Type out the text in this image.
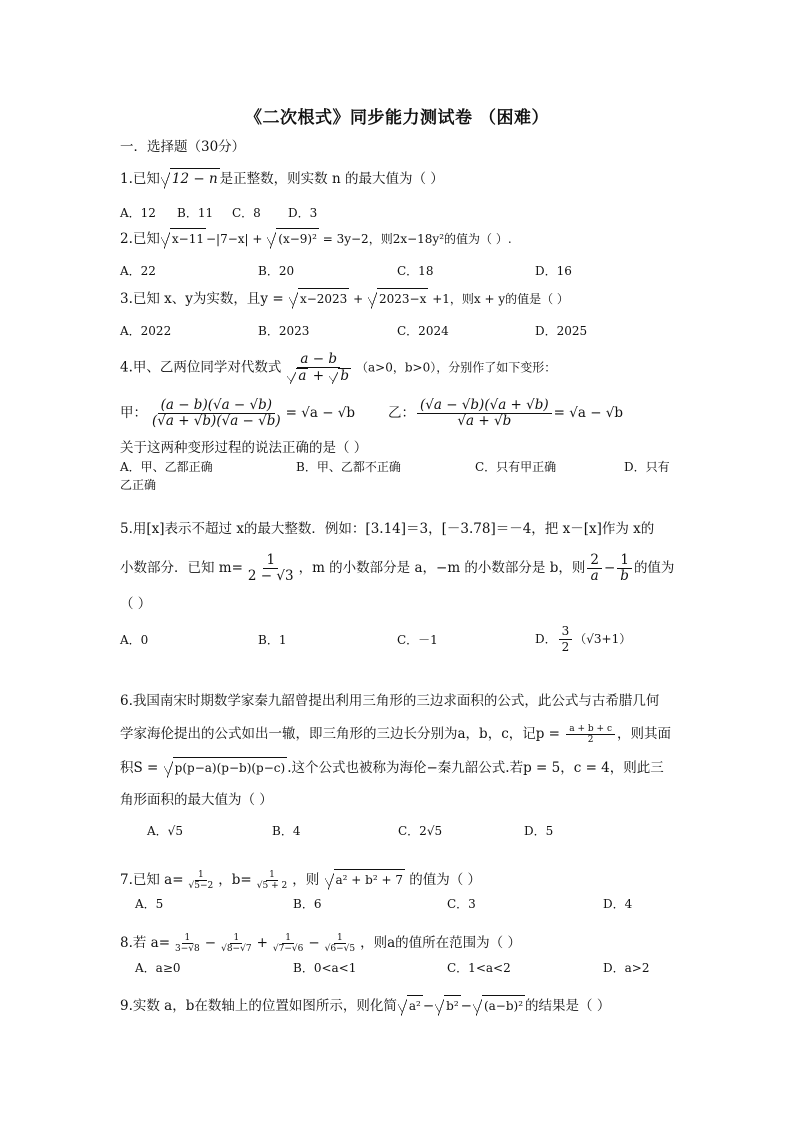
《二次根式》同步能力测试卷 （困难）
一．选择题（30分）
1.已知 12 − n 是正整数，则实数 n 的最大值为（ ）
A．12 B．11 C．8 D．3
2.已知 x−11 −|7−x| + (x−9)² = 3y−2，则2x−18y²的值为（ ）.
A．22	B．20	C．18	D．16
3.已知 x、y为实数，且y = x−2023 + 2023−x +1，则x + y的值是（ ）
A．2022	B．2023	C．2024	D．2025
4.甲、乙两位同学对代数式 $\frac{a - b}{a + b} (a>0$，b>0），分别作了如下变形：
甲： $\frac{(a - b)(√a - √b)}{(√a + √b)(√a - √b)} = √a - √b$ 乙： $\frac{(√a - √b)(√a + √b)}{√a + √b} = √a - √b$
关于这两种变形过程的说法正确的是（ ）
A．甲、乙都正确	B．甲、乙都不正确	C．只有甲正确	D．只有
乙正确
5.用[x]表示不超过 x的最大整数．例如：[3.14]＝3，[－3.78]＝－4，把 x－[x]作为 x的
小数部分．已知 $m= \frac{1}{2 - √3}$ ，m 的小数部分是 a，−m 的小数部分是 b，则 $\frac{2}{a} - \frac{1}{b}$ 的值为
（ ）
A．0	B．1	C．－1	D． $\frac{3}{2} (√3+1)$
6.我国南宋时期数学家秦九韶曾提出利用三角形的三边求面积的公式，此公式与古希腊几何
学家海伦提出的公式如出一辙，即三角形的三边长分别为a，b，c，记$p = \frac{a + b + c}{2}$ ，则其面
积S = p(p−a)(p−b)(p−c) .这个公式也被称为海伦−秦九韶公式.若p = 5，c = 4，则此三
角形面积的最大值为（ ）
A．√5	B．4	C．2√5	D．5
7.已知 $a= \frac{1}{√5-2}$ ，$b= \frac{1}{√5 + 2}$ ，则 a² + b² + 7 的值为（ ）
A．5	B．6	C．3	D．4
8.若 $a= \frac{1}{3-√8} - \frac{1}{√8-√7} + \frac{1}{√7-√6} - \frac{1}{√6-√5}$ ，则a的值所在范围为（ ）
A．a≥0	B．0<a<1	C．1<a<2	D．a>2
9.实数 a，b在数轴上的位置如图所示，则化简 a² − b² − (a−b)² 的结果是（ ）
